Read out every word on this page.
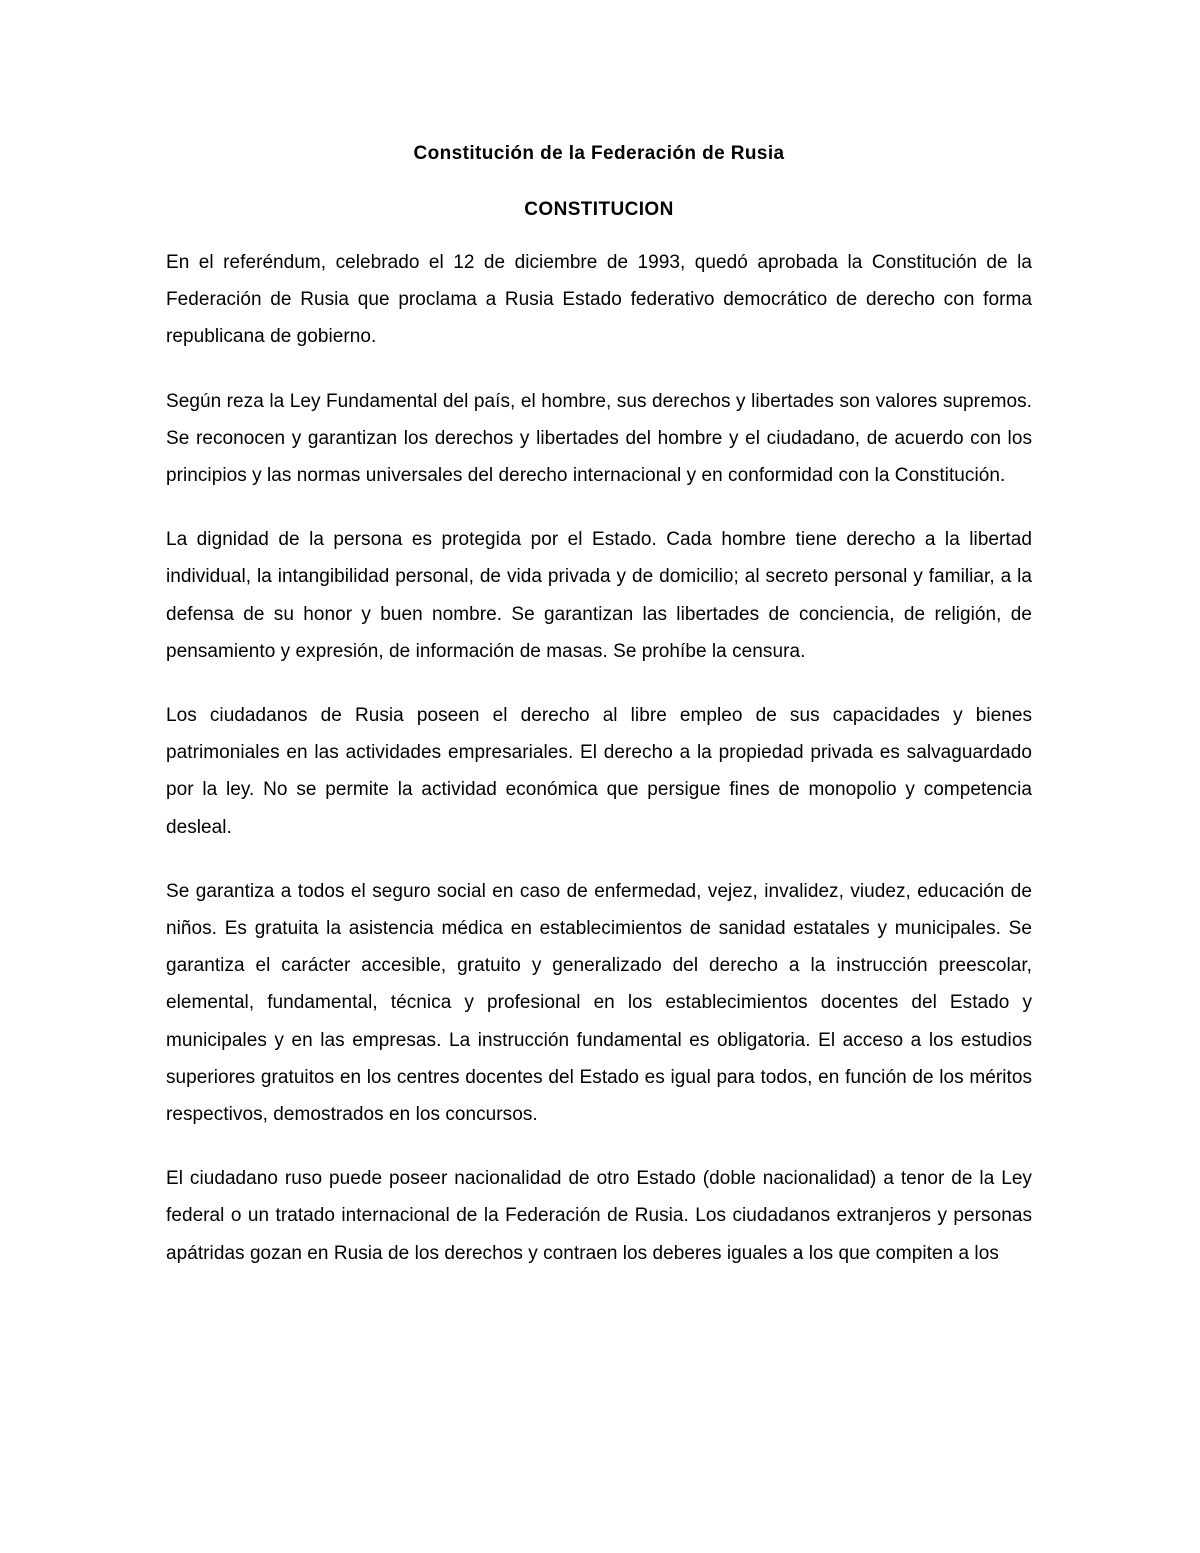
Constitución de la Federación de Rusia
CONSTITUCION

En el referéndum, celebrado el 12 de diciembre de 1993, quedó aprobada la Constitución de la Federación de Rusia que proclama a Rusia Estado federativo democrático de derecho con forma republicana de gobierno.

Según reza la Ley Fundamental del país, el hombre, sus derechos y libertades son valores supremos. Se reconocen y garantizan los derechos y libertades del hombre y el ciudadano, de acuerdo con los principios y las normas universales del derecho internacional y en conformidad con la Constitución.

La dignidad de la persona es protegida por el Estado. Cada hombre tiene derecho a la libertad individual, la intangibilidad personal, de vida privada y de domicilio; al secreto personal y familiar, a la defensa de su honor y buen nombre. Se garantizan las libertades de conciencia, de religión, de pensamiento y expresión, de información de masas. Se prohíbe la censura.

Los ciudadanos de Rusia poseen el derecho al libre empleo de sus capacidades y bienes patrimoniales en las actividades empresariales. El derecho a la propiedad privada es salvaguardado por la ley. No se permite la actividad económica que persigue fines de monopolio y competencia desleal.

Se garantiza a todos el seguro social en caso de enfermedad, vejez, invalidez, viudez, educación de niños. Es gratuita la asistencia médica en establecimientos de sanidad estatales y municipales. Se garantiza el carácter accesible, gratuito y generalizado del derecho a la instrucción preescolar, elemental, fundamental, técnica y profesional en los establecimientos docentes del Estado y municipales y en las empresas. La instrucción fundamental es obligatoria. El acceso a los estudios superiores gratuitos en los centres docentes del Estado es igual para todos, en función de los méritos respectivos, demostrados en los concursos.

El ciudadano ruso puede poseer nacionalidad de otro Estado (doble nacionalidad) a tenor de la Ley federal o un tratado internacional de la Federación de Rusia. Los ciudadanos extranjeros y personas apátridas gozan en Rusia de los derechos y contraen los deberes iguales a los que compiten a los
